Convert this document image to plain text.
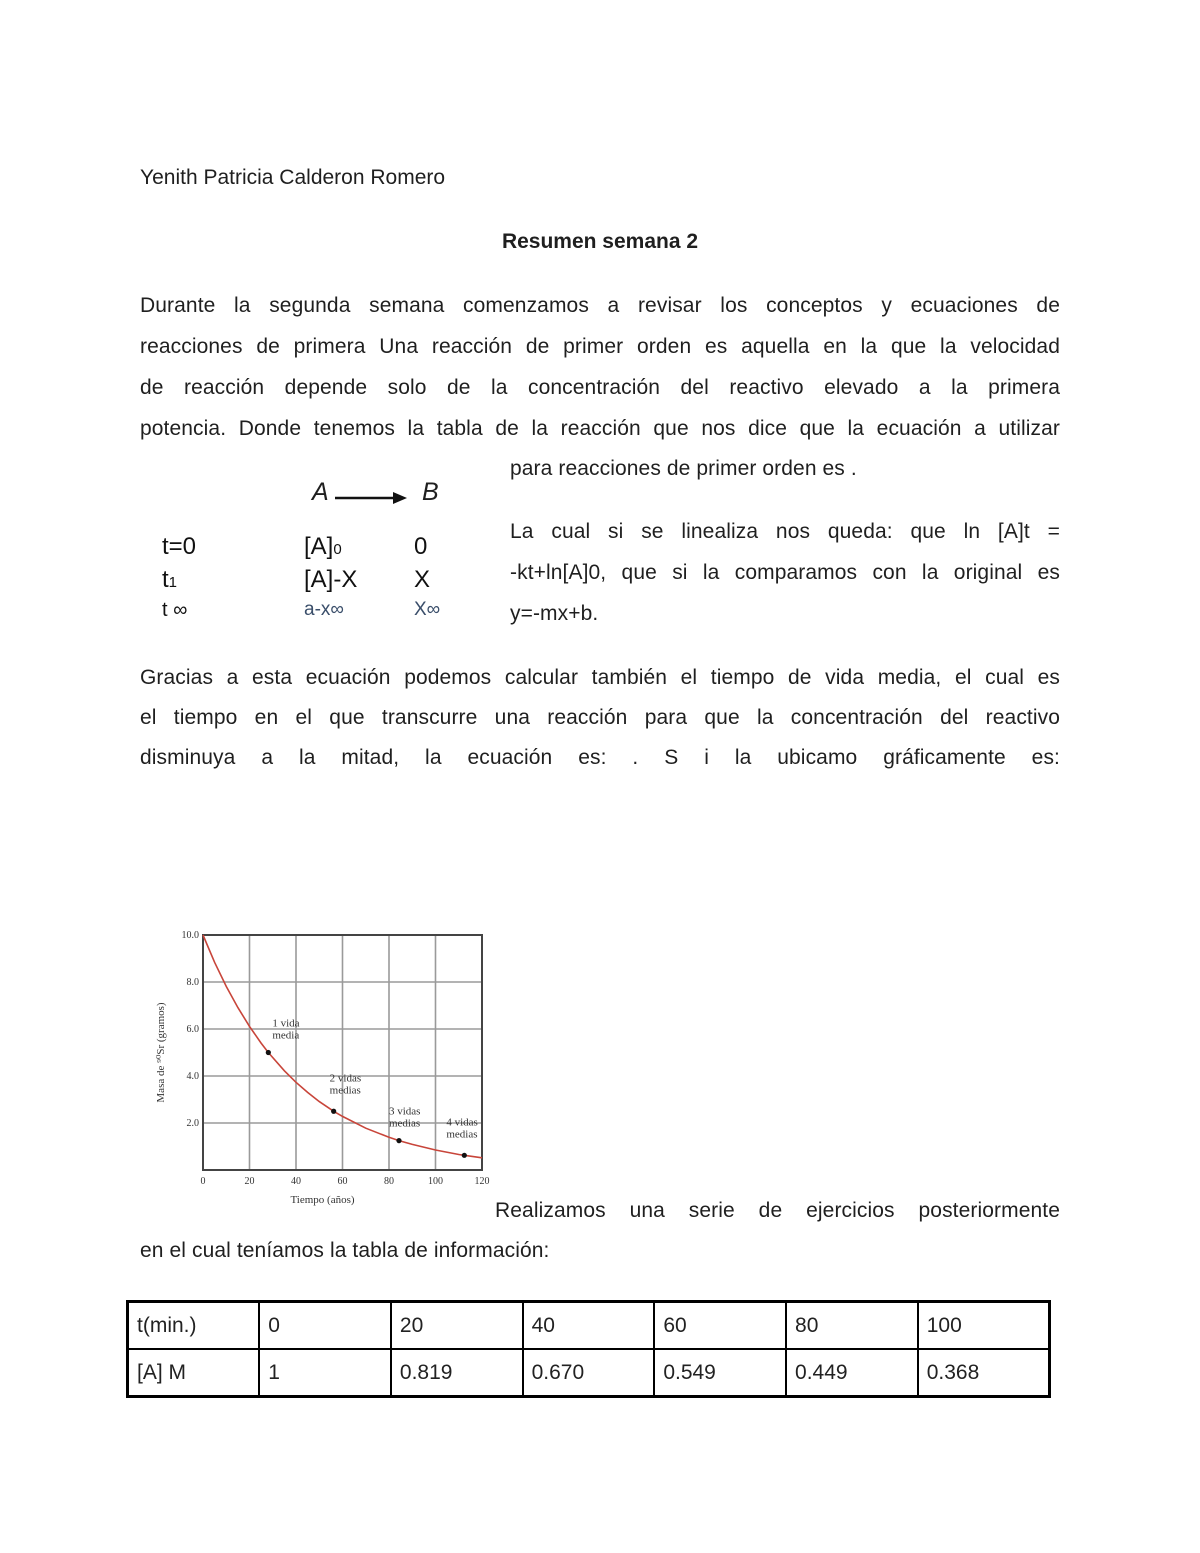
Yenith Patricia Calderon Romero
Resumen semana 2
Durante la segunda semana comenzamos a revisar los conceptos y ecuaciones de
reacciones de primera Una reacción de primer orden es aquella en la que la velocidad
de reacción depende solo de la concentración del reactivo elevado a la primera
potencia. Donde tenemos la tabla de la reacción que nos dice que la ecuación a utilizar
A	B
t=0	[A]0	0
t1	[A]-X X
t ∞	a-x∞	X∞
para reacciones de primer orden es .
La cual si se linealiza nos queda: que ln [A]t =
-kt+ln[A]0, que si la comparamos con la original es
y=-mx+b.
Gracias a esta ecuación podemos calcular también el tiempo de vida media, el cual es
el tiempo en el que transcurre una reacción para que la concentración del reactivo
disminuya a la mitad, la ecuación es: . S i la ubicamo gráficamente es:
0	20	40	60	80	100	120
2.0
4.0
6.0
8.0
10.0
Tiempo (años)
Masa de ⁹⁰Sr (gramos)	1 vida
media
2 vidas
medias
3 vidas
medias 4 vidas
medias
Realizamos una serie de ejercicios posteriormente
en el cual teníamos la tabla de información:
t(min.)	0	20	40	60	80	100
[A] M	1	0.819	0.670	0.549	0.449	0.368
